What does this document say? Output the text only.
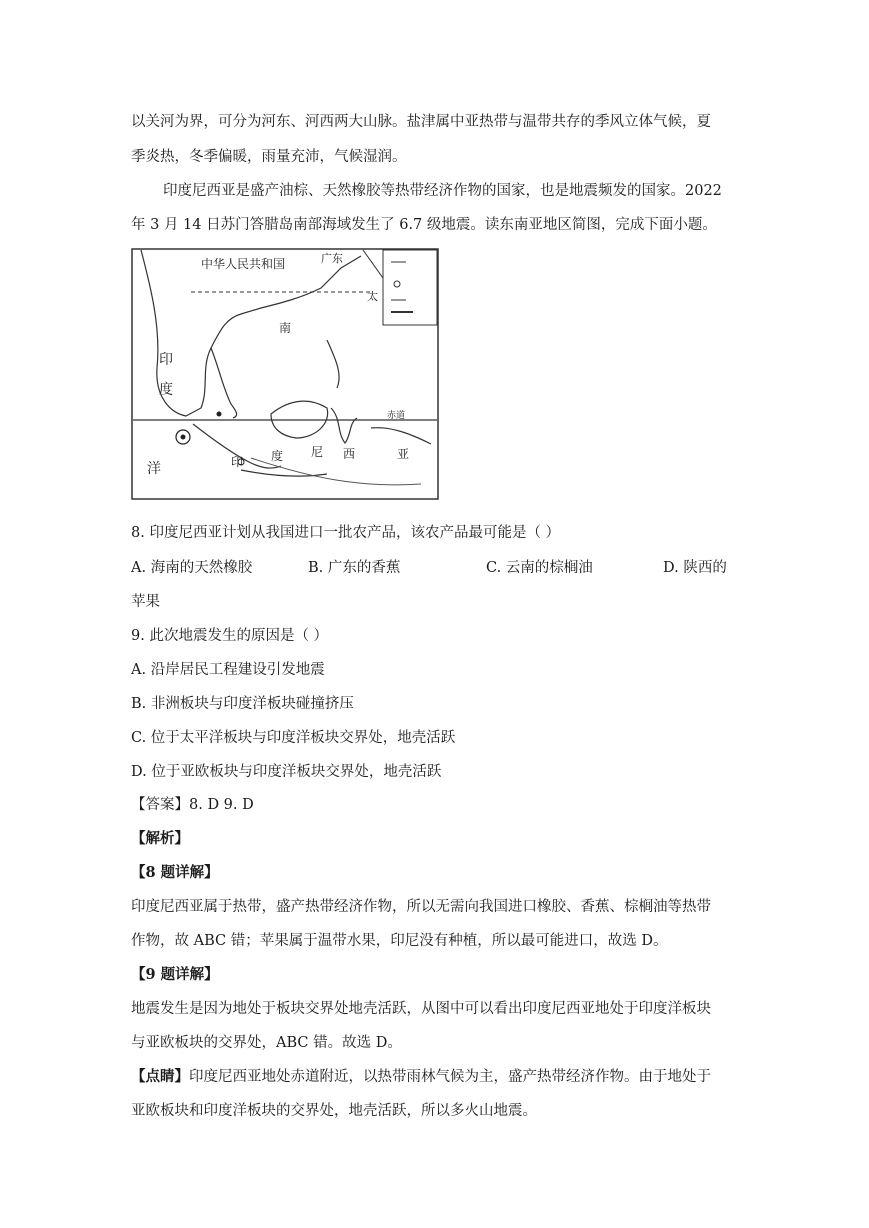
以关河为界，可分为河东、河西两大山脉。盐津属中亚热带与温带共存的季风立体气候，夏
季炎热，冬季偏暖，雨量充沛，气候湿润。
印度尼西亚是盛产油棕、天然橡胶等热带经济作物的国家，也是地震频发的国家。2022
年 3 月 14 日苏门答腊岛南部海域发生了 6.7 级地震。读东南亚地区简图，完成下面小题。
中华人民共和国	广东
印
度
洋
南
太
赤道
印 度 尼 西	亚
8. 印度尼西亚计划从我国进口一批农产品，该农产品最可能是（ ）
A. 海南的天然橡胶	B. 广东的香蕉	C. 云南的棕榈油	D. 陕西的
苹果
9. 此次地震发生的原因是（ ）
A. 沿岸居民工程建设引发地震
B. 非洲板块与印度洋板块碰撞挤压
C. 位于太平洋板块与印度洋板块交界处，地壳活跃
D. 位于亚欧板块与印度洋板块交界处，地壳活跃
【答案】8. D 9. D
【解析】
【8 题详解】
印度尼西亚属于热带，盛产热带经济作物，所以无需向我国进口橡胶、香蕉、棕榈油等热带
作物，故 ABC 错；苹果属于温带水果，印尼没有种植，所以最可能进口，故选 D。
【9 题详解】
地震发生是因为地处于板块交界处地壳活跃，从图中可以看出印度尼西亚地处于印度洋板块
与亚欧板块的交界处，ABC 错。故选 D。
【点睛】印度尼西亚地处赤道附近，以热带雨林气候为主，盛产热带经济作物。由于地处于
亚欧板块和印度洋板块的交界处，地壳活跃，所以多火山地震。
